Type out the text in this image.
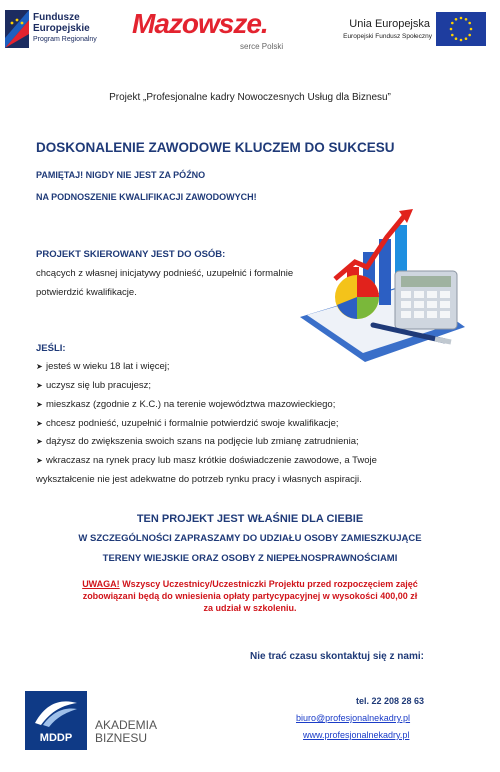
Fundusze
Europejskie
Program Regionalny
Mazowsze.
serce Polski
Unia Europejska
Europejski Fundusz Społeczny
Projekt „Profesjonalne kadry Nowoczesnych Usług dla Biznesu”
DOSKONALENIE ZAWODOWE KLUCZEM DO SUKCESU
PAMIĘTAJ! NIGDY NIE JEST ZA PÓŹNO
NA PODNOSZENIE KWALIFIKACJI ZAWODOWYCH!
PROJEKT SKIEROWANY JEST DO OSÓB:
chcących z własnej inicjatywy podnieść, uzupełnić i formalnie
potwierdzić kwalifikacje.
JEŚLI:
➤ jesteś w wieku 18 lat i więcej;
➤ uczysz się lub pracujesz;
➤ mieszkasz (zgodnie z K.C.) na terenie województwa mazowieckiego;
➤ chcesz podnieść, uzupełnić i formalnie potwierdzić swoje kwalifikacje;
➤ dążysz do zwiększenia swoich szans na podjęcie lub zmianę zatrudnienia;
➤ wkraczasz na rynek pracy lub masz krótkie doświadczenie zawodowe, a Twoje
wykształcenie nie jest adekwatne do potrzeb rynku pracy i własnych aspiracji.
TEN PROJEKT JEST WŁAŚNIE DLA CIEBIE
W SZCZEGÓLNOŚCI ZAPRASZAMY DO UDZIAŁU OSOBY ZAMIESZKUJĄCE
TERENY WIEJSKIE ORAZ OSOBY Z NIEPEŁNOSPRAWNOŚCIAMI
UWAGA! Wszyscy Uczestnicy/Uczestniczki Projektu przed rozpoczęciem zajęć
zobowiązani będą do wniesienia opłaty partycypacyjnej w wysokości 400,00 zł
za udział w szkoleniu.
Nie trać czasu skontaktuj się z nami:
MDDP
AKADEMIA
BIZNESU
tel. 22 208 28 63
biuro@profesjonalnekadry.pl
www.profesjonalnekadry.pl
